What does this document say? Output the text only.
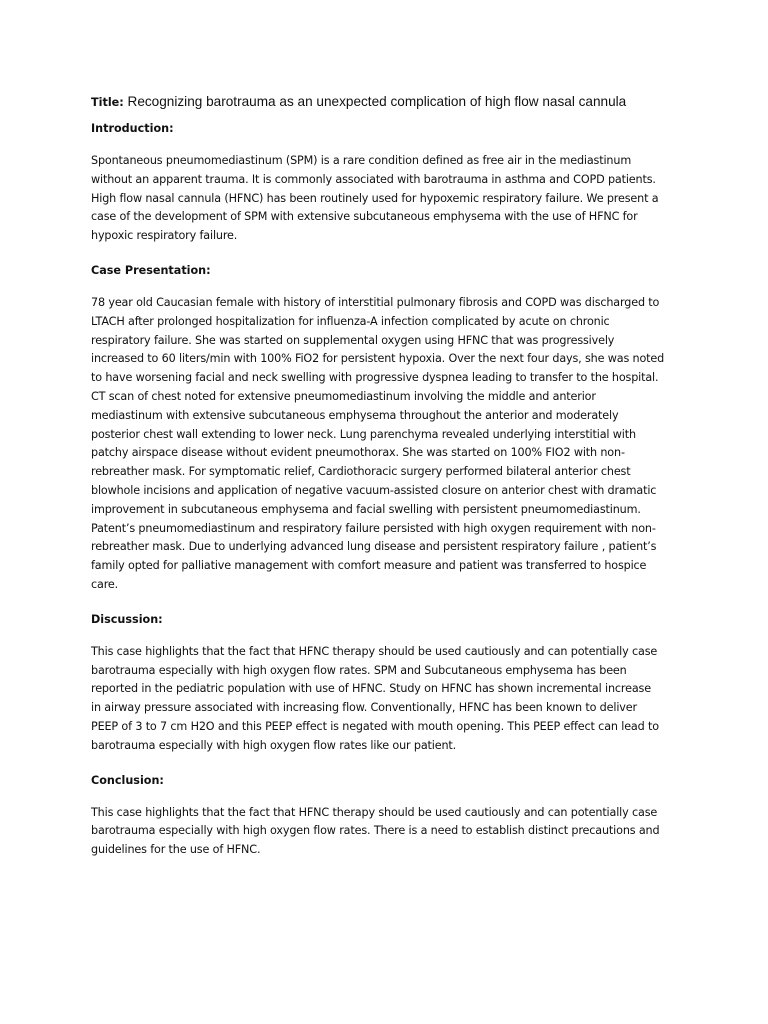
Title: Recognizing barotrauma as an unexpected complication of high flow nasal cannula
Introduction:
Spontaneous pneumomediastinum (SPM) is a rare condition defined as free air in the mediastinum
without an apparent trauma. It is commonly associated with barotrauma in asthma and COPD patients.
High flow nasal cannula (HFNC) has been routinely used for hypoxemic respiratory failure. We present a
case of the development of SPM with extensive subcutaneous emphysema with the use of HFNC for
hypoxic respiratory failure.
Case Presentation:
78 year old Caucasian female with history of interstitial pulmonary fibrosis and COPD was discharged to
LTACH after prolonged hospitalization for influenza-A infection complicated by acute on chronic
respiratory failure. She was started on supplemental oxygen using HFNC that was progressively
increased to 60 liters/min with 100% FiO2 for persistent hypoxia. Over the next four days, she was noted
to have worsening facial and neck swelling with progressive dyspnea leading to transfer to the hospital.
CT scan of chest noted for extensive pneumomediastinum involving the middle and anterior
mediastinum with extensive subcutaneous emphysema throughout the anterior and moderately
posterior chest wall extending to lower neck. Lung parenchyma revealed underlying interstitial with
patchy airspace disease without evident pneumothorax. She was started on 100% FIO2 with non-
rebreather mask. For symptomatic relief, Cardiothoracic surgery performed bilateral anterior chest
blowhole incisions and application of negative vacuum-assisted closure on anterior chest with dramatic
improvement in subcutaneous emphysema and facial swelling with persistent pneumomediastinum.
Patent’s pneumomediastinum and respiratory failure persisted with high oxygen requirement with non-
rebreather mask. Due to underlying advanced lung disease and persistent respiratory failure , patient’s
family opted for palliative management with comfort measure and patient was transferred to hospice
care.
Discussion:
This case highlights that the fact that HFNC therapy should be used cautiously and can potentially case
barotrauma especially with high oxygen flow rates. SPM and Subcutaneous emphysema has been
reported in the pediatric population with use of HFNC. Study on HFNC has shown incremental increase
in airway pressure associated with increasing flow. Conventionally, HFNC has been known to deliver
PEEP of 3 to 7 cm H2O and this PEEP effect is negated with mouth opening. This PEEP effect can lead to
barotrauma especially with high oxygen flow rates like our patient.
Conclusion:
This case highlights that the fact that HFNC therapy should be used cautiously and can potentially case
barotrauma especially with high oxygen flow rates. There is a need to establish distinct precautions and
guidelines for the use of HFNC.
